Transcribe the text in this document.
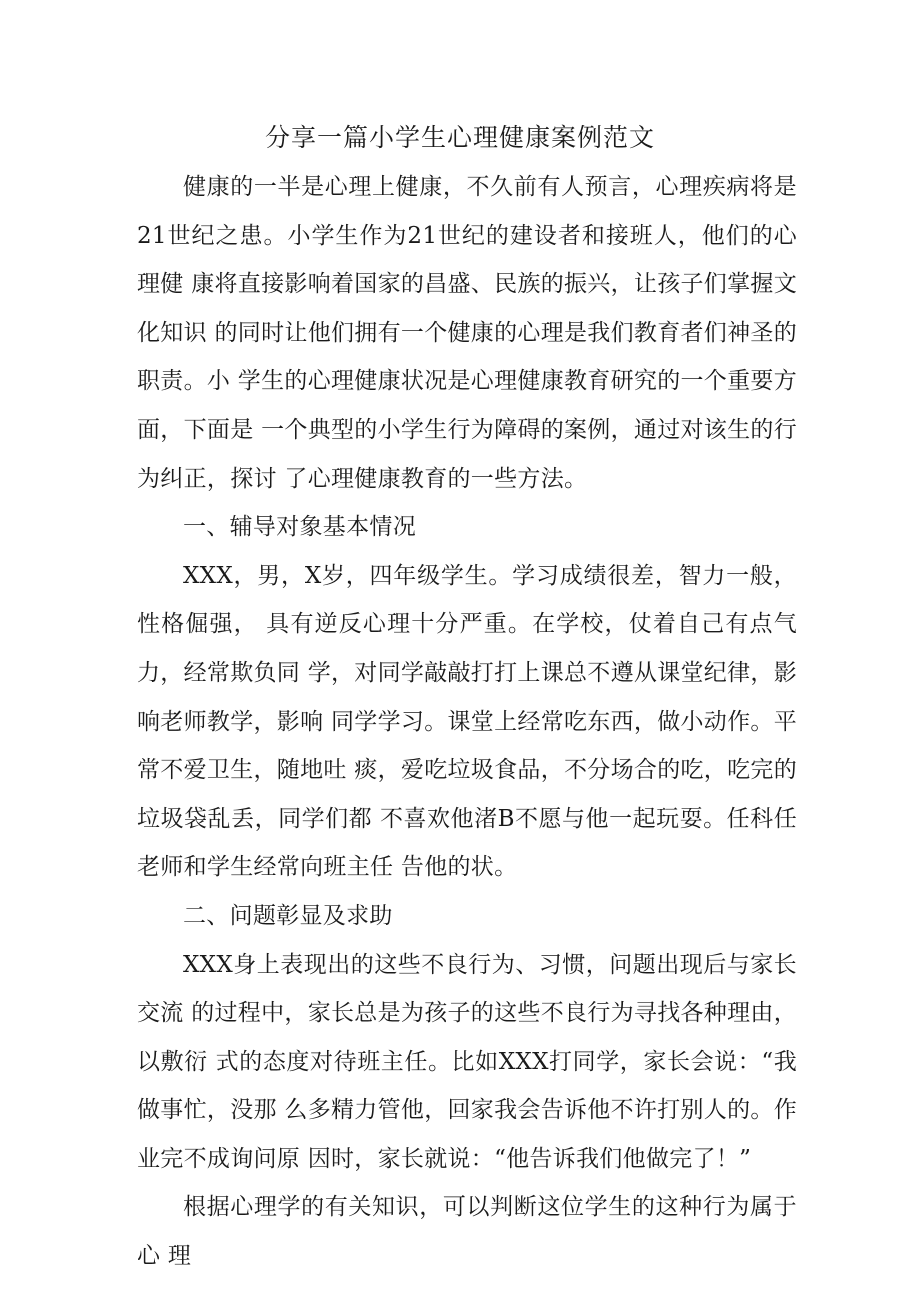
分享一篇小学生心理健康案例范文

健康的一半是心理上健康，不久前有人预言，心理疾病将是21世纪之患。小学生作为21世纪的建设者和接班人，他们的心理健 康将直接影响着国家的昌盛、民族的振兴，让孩子们掌握文化知识 的同时让他们拥有一个健康的心理是我们教育者们神圣的职责。小 学生的心理健康状况是心理健康教育研究的一个重要方面，下面是 一个典型的小学生行为障碍的案例，通过对该生的行为纠正，探讨 了心理健康教育的一些方法。

一、辅导对象基本情况

XXX，男，X岁，四年级学生。学习成绩很差，智力一般，性格倔强， 具有逆反心理十分严重。在学校，仗着自己有点气力，经常欺负同 学，对同学敲敲打打上课总不遵从课堂纪律，影响老师教学，影响 同学学习。课堂上经常吃东西，做小动作。平常不爱卫生，随地吐 痰，爱吃垃圾食品，不分场合的吃，吃完的垃圾袋乱丢，同学们都 不喜欢他渚B不愿与他一起玩耍。任科任老师和学生经常向班主任 告他的状。

二、问题彰显及求助

XXX身上表现出的这些不良行为、习惯，问题出现后与家长交流 的过程中，家长总是为孩子的这些不良行为寻找各种理由，以敷衍 式的态度对待班主任。比如XXX打同学，家长会说：“我做事忙，没那 么多精力管他，回家我会告诉他不许打别人的。作业完不成询问原 因时，家长就说：“他告诉我们他做完了！”

根据心理学的有关知识，可以判断这位学生的这种行为属于心 理
